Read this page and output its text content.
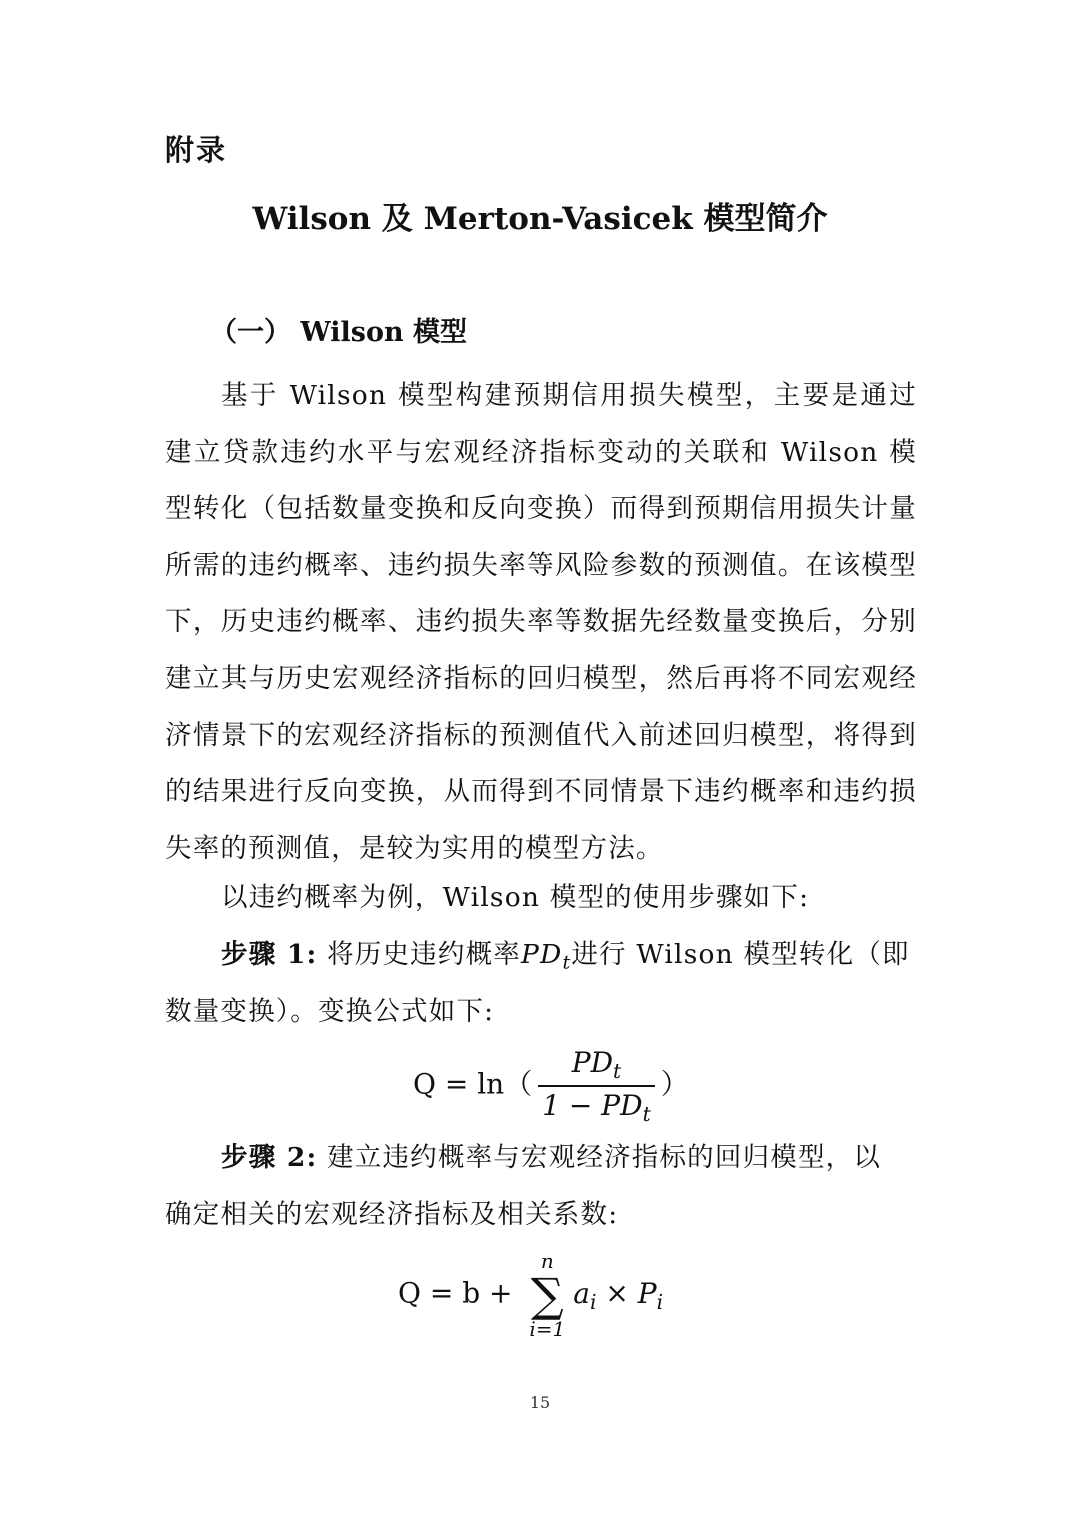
附录
Wilson 及 Merton-Vasicek 模型简介
（一） Wilson 模型
基于 Wilson 模型构建预期信用损失模型，主要是通过建立贷款违约水平与宏观经济指标变动的关联和 Wilson 模型转化（包括数量变换和反向变换）而得到预期信用损失计量所需的违约概率、违约损失率等风险参数的预测值。在该模型下，历史违约概率、违约损失率等数据先经数量变换后，分别建立其与历史宏观经济指标的回归模型，然后再将不同宏观经济情景下的宏观经济指标的预测值代入前述回归模型，将得到的结果进行反向变换，从而得到不同情景下违约概率和违约损失率的预测值，是较为实用的模型方法。
以违约概率为例，Wilson 模型的使用步骤如下:
步骤 1: 将历史违约概率$PD_t$进行 Wilson 模型转化（即
数量变换）。变换公式如下:
$Q = \ln( \frac{PD_t}{1 - PD_t}$ ）
步骤 2: 建立违约概率与宏观经济指标的回归模型，以
确定相关的宏观经济指标及相关系数:
Q = b +
n
∑
i=1
$a_i \times P_i$
15
